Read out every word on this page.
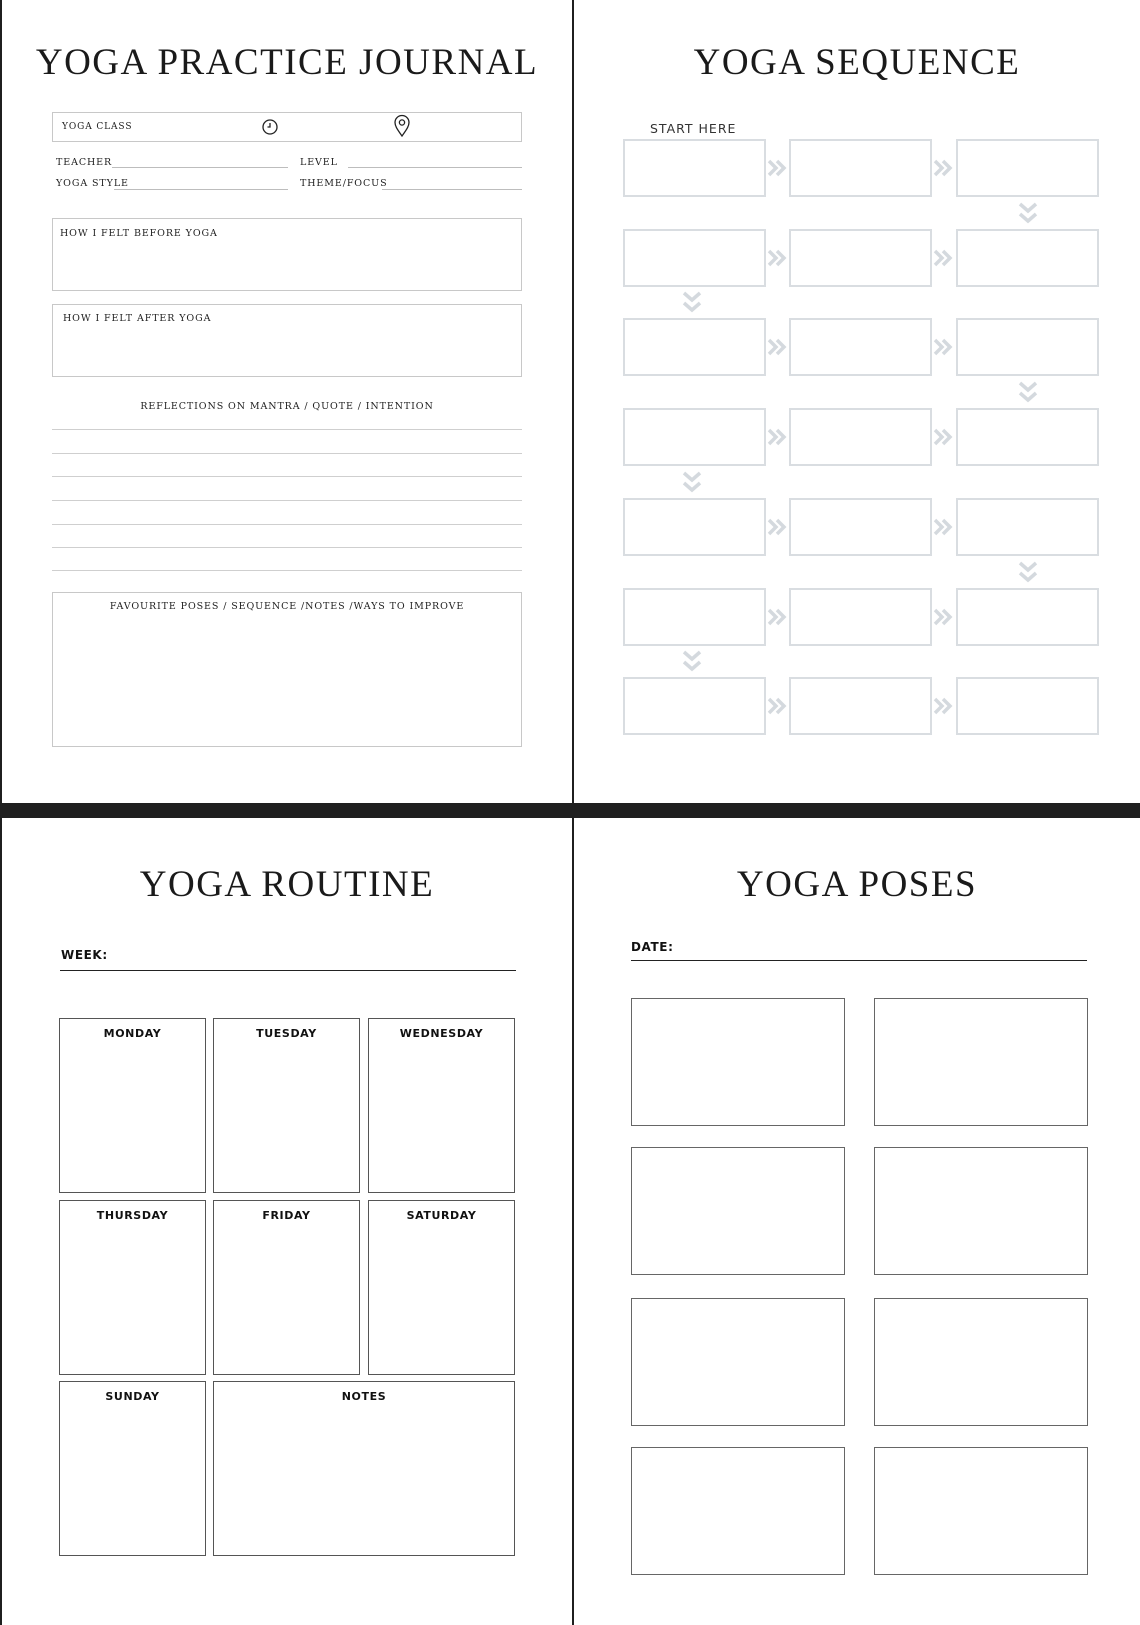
YOGA PRACTICE JOURNAL
YOGA CLASS
TEACHER	LEVEL
YOGA STYLE	THEME/FOCUS
HOW I FELT BEFORE YOGA
HOW I FELT AFTER YOGA
REFLECTIONS ON MANTRA / QUOTE / INTENTION
FAVOURITE POSES / SEQUENCE /NOTES /WAYS TO IMPROVE
YOGA SEQUENCE
START HERE
YOGA ROUTINE
WEEK:
MONDAY	TUESDAY	WEDNESDAY
THURSDAY	FRIDAY	SATURDAY
SUNDAY	NOTES
YOGA POSES
DATE:
